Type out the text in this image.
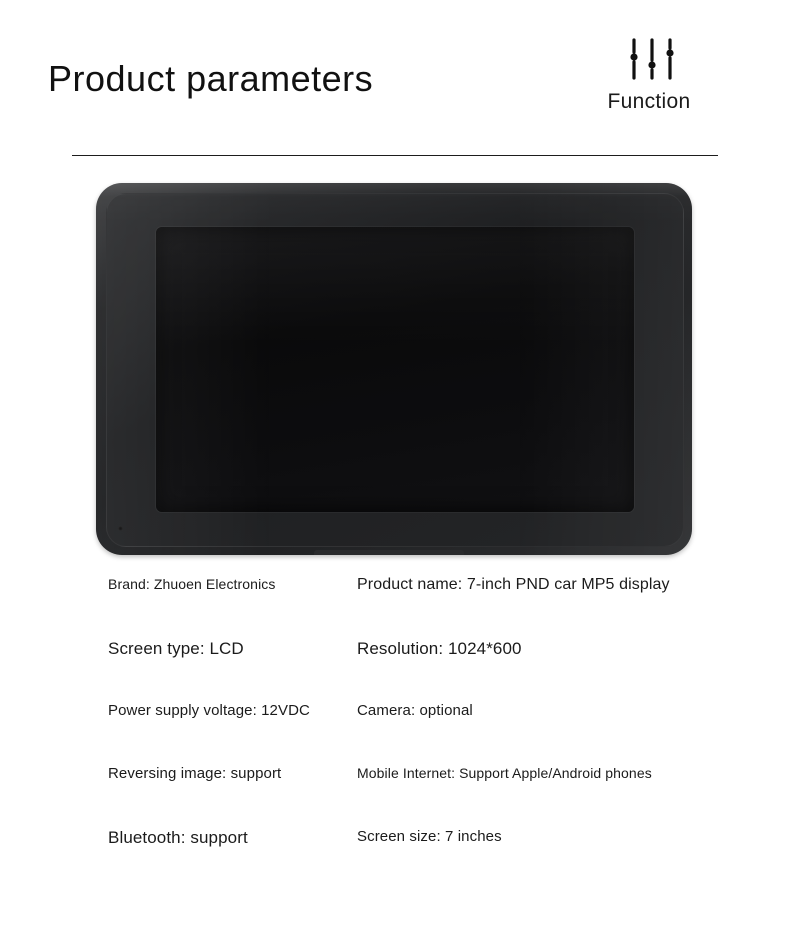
Product parameters
Function
Brand: Zhuoen Electronics	Product name: 7-inch PND car MP5 display
Screen type: LCD	Resolution: 1024*600
Power supply voltage: 12VDC	Camera: optional
Reversing image: support	Mobile Internet: Support Apple/Android phones
Bluetooth: support	Screen size: 7 inches
